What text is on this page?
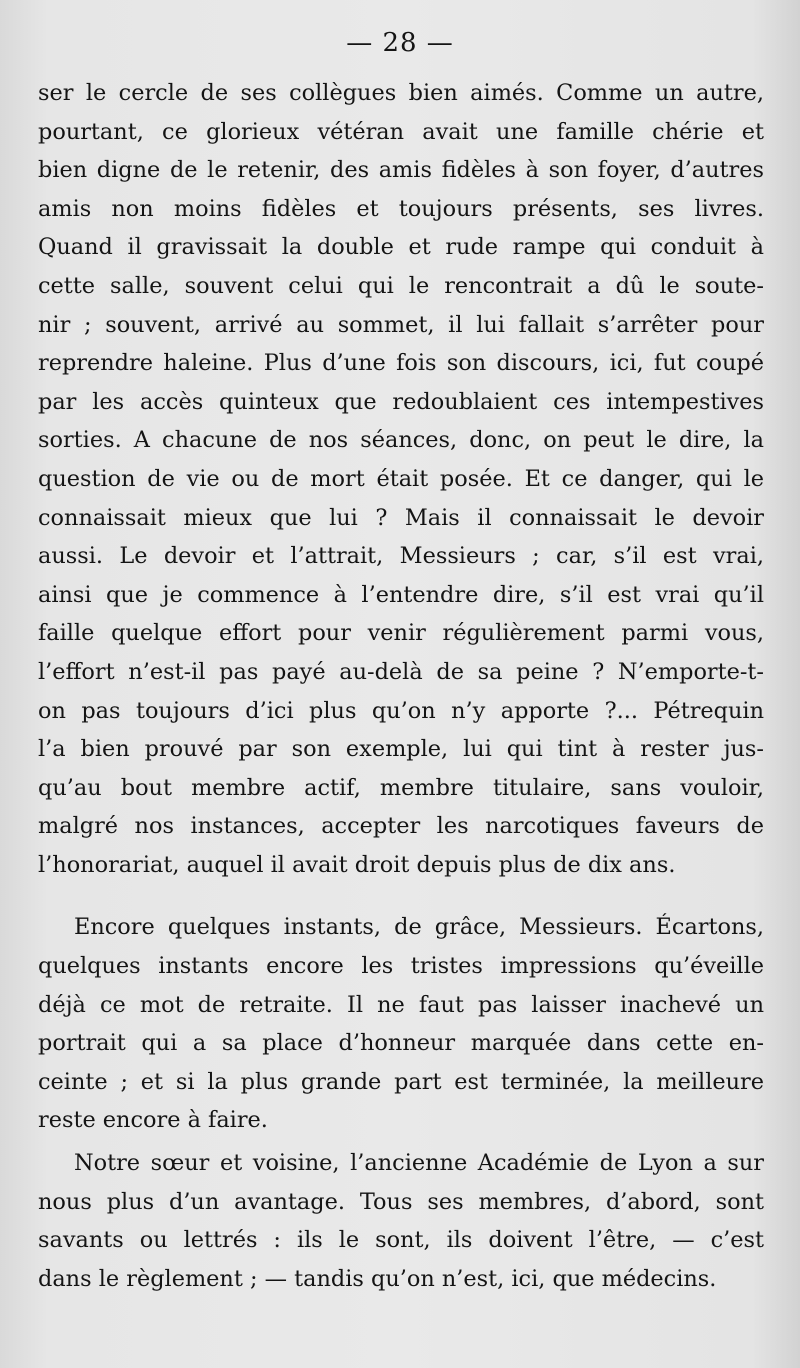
— 28 —
ser le cercle de ses collègues bien aimés. Comme un autre,
pourtant, ce glorieux vétéran avait une famille chérie et
bien digne de le retenir, des amis fidèles à son foyer, d’autres
amis non moins fidèles et toujours présents, ses livres.
Quand il gravissait la double et rude rampe qui conduit à
cette salle, souvent celui qui le rencontrait a dû le soute-
nir ; souvent, arrivé au sommet, il lui fallait s’arrêter pour
reprendre haleine. Plus d’une fois son discours, ici, fut coupé
par les accès quinteux que redoublaient ces intempestives
sorties. A chacune de nos séances, donc, on peut le dire, la
question de vie ou de mort était posée. Et ce danger, qui le
connaissait mieux que lui ? Mais il connaissait le devoir
aussi. Le devoir et l’attrait, Messieurs ; car, s’il est vrai,
ainsi que je commence à l’entendre dire, s’il est vrai qu’il
faille quelque effort pour venir régulièrement parmi vous,
l’effort n’est-il pas payé au-delà de sa peine ? N’emporte-t-
on pas toujours d’ici plus qu’on n’y apporte ?... Pétrequin
l’a bien prouvé par son exemple, lui qui tint à rester jus-
qu’au bout membre actif, membre titulaire, sans vouloir,
malgré nos instances, accepter les narcotiques faveurs de
l’honorariat, auquel il avait droit depuis plus de dix ans.
Encore quelques instants, de grâce, Messieurs. Écartons,
quelques instants encore les tristes impressions qu’éveille
déjà ce mot de retraite. Il ne faut pas laisser inachevé un
portrait qui a sa place d’honneur marquée dans cette en-
ceinte ; et si la plus grande part est terminée, la meilleure
reste encore à faire.
Notre sœur et voisine, l’ancienne Académie de Lyon a sur
nous plus d’un avantage. Tous ses membres, d’abord, sont
savants ou lettrés : ils le sont, ils doivent l’être, — c’est
dans le règlement ; — tandis qu’on n’est, ici, que médecins.
